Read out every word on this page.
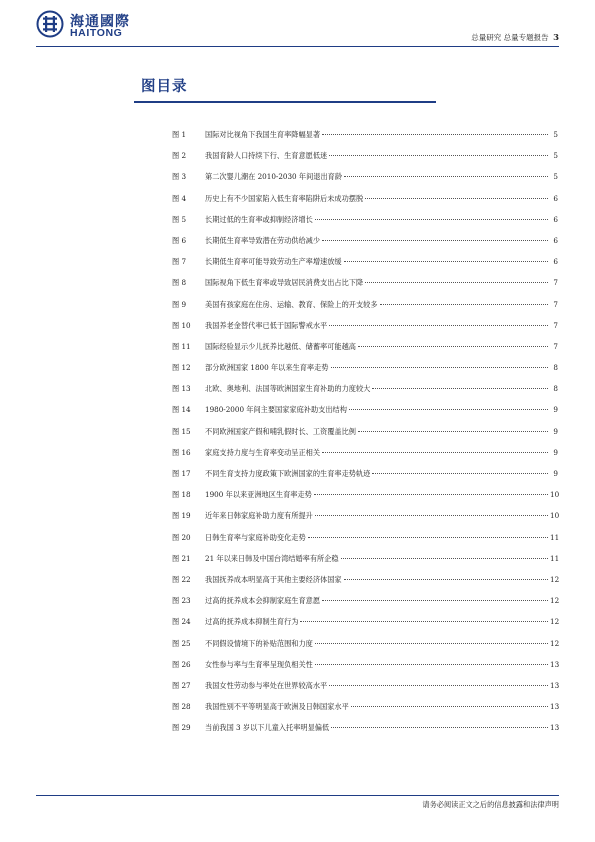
海通國際
HAITONG	总量研究 总量专题报告 3
图目录
图 1	国际对比视角下我国生育率降幅显著	5
图 2	我国育龄人口持续下行、生育意愿低迷	5
图 3	第二次婴儿潮在 2010-2030 年间退出育龄	5
图 4	历史上有不少国家陷入低生育率陷阱后未成功摆脱	6
图 5	长期过低的生育率或抑制经济增长	6
图 6	长期低生育率导致潜在劳动供给减少	6
图 7	长期低生育率可能导致劳动生产率增速放缓	6
图 8	国际视角下低生育率或导致居民消费支出占比下降	7
图 9	美国有孩家庭在住房、运输、教育、保险上的开支较多	7
图 10	我国养老金替代率已低于国际警戒水平	7
图 11	国际经验显示少儿抚养比越低、储蓄率可能越高	7
图 12	部分欧洲国家 1800 年以来生育率走势	8
图 13	北欧、奥地利、法国等欧洲国家生育补助的力度较大	8
图 14	1980-2000 年间主要国家家庭补助支出结构	9
图 15	不同欧洲国家产假和哺乳假时长、工资覆盖比例	9
图 16	家庭支持力度与生育率变动呈正相关	9
图 17	不同生育支持力度政策下欧洲国家的生育率走势轨迹	9
图 18	1900 年以来亚洲地区生育率走势	10
图 19	近年来日韩家庭补助力度有所提升	10
图 20	日韩生育率与家庭补助变化走势	11
图 21	21 年以来日韩及中国台湾结婚率有所企稳	11
图 22	我国抚养成本明显高于其他主要经济体国家	12
图 23	过高的抚养成本会抑制家庭生育意愿	12
图 24	过高的抚养成本抑制生育行为	12
图 25	不同假设情境下的补贴范围和力度	12
图 26	女性参与率与生育率呈现负相关性	13
图 27	我国女性劳动参与率处在世界较高水平	13
图 28	我国性别不平等明显高于欧洲及日韩国家水平	13
图 29	当前我国 3 岁以下儿童入托率明显偏低	13
请务必阅读正文之后的信息披露和法律声明
